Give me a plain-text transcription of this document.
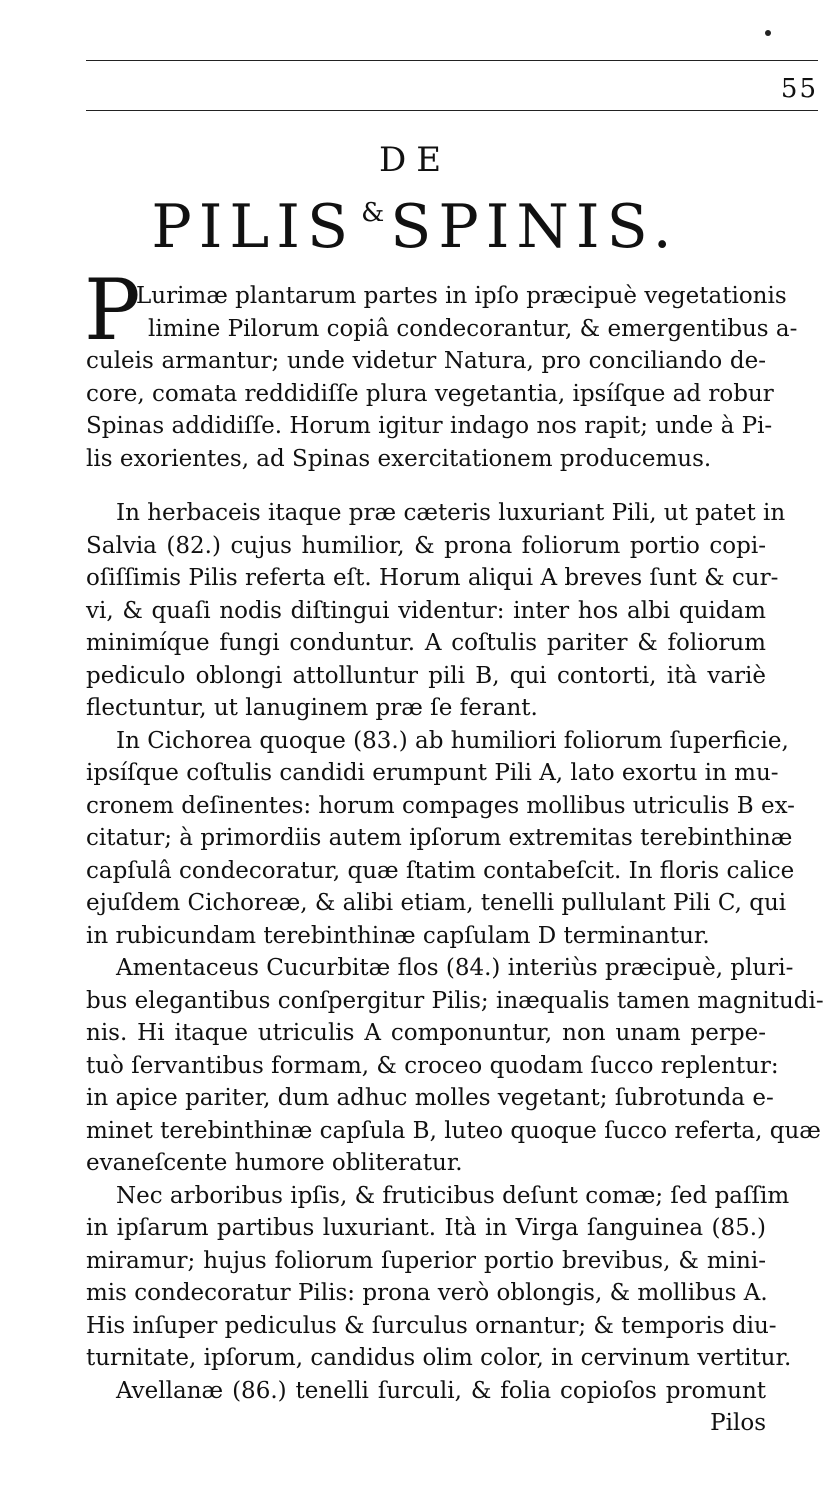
55
DE
PILIS & SPINIS.
P
Lurimæ plantarum partes in ipſo præcipuè vegetationis
limine Pilorum copiâ condecorantur, & emergentibus a-
culeis armantur; unde videtur Natura, pro conciliando de-
core, comata reddidiſſe plura vegetantia, ipsíſque ad robur
Spinas addidiſſe. Horum igitur indago nos rapit; unde à Pi-
lis exorientes, ad Spinas exercitationem producemus.
In herbaceis itaque præ cæteris luxuriant Pili, ut patet in
Salvia (82.) cujus humilior, & prona foliorum portio copi-
oſiſſimis Pilis referta eſt. Horum aliqui A breves ſunt & cur-
vi, & quaſi nodis diſtingui videntur: inter hos albi quidam
minimíque fungi conduntur. A coſtulis pariter & foliorum
pediculo oblongi attolluntur pili B, qui contorti, ità variè
flectuntur, ut lanuginem præ ſe ferant.
In Cichorea quoque (83.) ab humiliori foliorum ſuperficie,
ipsíſque coſtulis candidi erumpunt Pili A, lato exortu in mu-
cronem deſinentes: horum compages mollibus utriculis B ex-
citatur; à primordiis autem ipſorum extremitas terebinthinæ
capſulâ condecoratur, quæ ſtatim contabeſcit. In floris calice
ejuſdem Cichoreæ, & alibi etiam, tenelli pullulant Pili C, qui
in rubicundam terebinthinæ capſulam D terminantur.
Amentaceus Cucurbitæ flos (84.) interiùs præcipuè, pluri-
bus elegantibus conſpergitur Pilis; inæqualis tamen magnitudi-
nis. Hi itaque utriculis A componuntur, non unam perpe-
tuò ſervantibus formam, & croceo quodam ſucco replentur:
in apice pariter, dum adhuc molles vegetant; ſubrotunda e-
minet terebinthinæ capſula B, luteo quoque ſucco referta, quæ
evaneſcente humore obliteratur.
Nec arboribus ipſis, & fruticibus deſunt comæ; ſed paſſim
in ipſarum partibus luxuriant. Ità in Virga ſanguinea (85.)
miramur; hujus foliorum ſuperior portio brevibus, & mini-
mis condecoratur Pilis: prona verò oblongis, & mollibus A.
His inſuper pediculus & ſurculus ornantur; & temporis diu-
turnitate, ipſorum, candidus olim color, in cervinum vertitur.
Avellanæ (86.) tenelli ſurculi, & folia copioſos promunt
Pilos
